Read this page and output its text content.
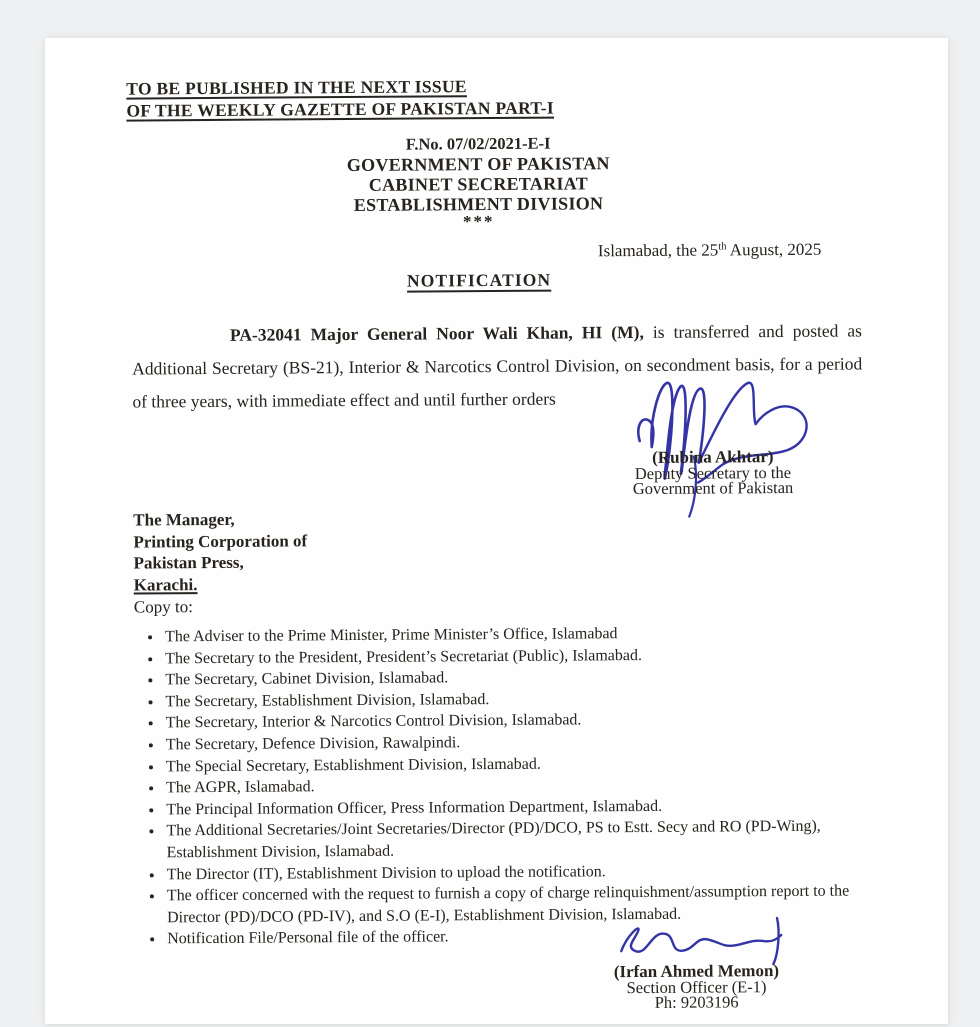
TO BE PUBLISHED IN THE NEXT ISSUE
OF THE WEEKLY GAZETTE OF PAKISTAN PART-I
F.No. 07/02/2021-E-I
GOVERNMENT OF PAKISTAN
CABINET SECRETARIAT
ESTABLISHMENT DIVISION
***
Islamabad, the 25th August, 2025
NOTIFICATION

PA-32041 Major General Noor Wali Khan, HI (M), is transferred and posted as Additional Secretary (BS-21), Interior & Narcotics Control Division, on secondment basis, for a period of three years, with immediate effect and until further orders

(Rubina Akhtar)
Deputy Secretary to the
Government of Pakistan
The Manager,
Printing Corporation of
Pakistan Press,
Karachi.
Copy to:
• The Adviser to the Prime Minister, Prime Minister’s Office, Islamabad
• The Secretary to the President, President’s Secretariat (Public), Islamabad.
• The Secretary, Cabinet Division, Islamabad.
• The Secretary, Establishment Division, Islamabad.
• The Secretary, Interior & Narcotics Control Division, Islamabad.
• The Secretary, Defence Division, Rawalpindi.
• The Special Secretary, Establishment Division, Islamabad.
• The AGPR, Islamabad.
• The Principal Information Officer, Press Information Department, Islamabad.
• The Additional Secretaries/Joint Secretaries/Director (PD)/DCO, PS to Estt. Secy and RO (PD-Wing), Establishment Division, Islamabad.
• The Director (IT), Establishment Division to upload the notification.
• The officer concerned with the request to furnish a copy of charge relinquishment/assumption report to the Director (PD)/DCO (PD-IV), and S.O (E-I), Establishment Division, Islamabad.
• Notification File/Personal file of the officer.
(Irfan Ahmed Memon)
Section Officer (E-1)
Ph: 9203196
